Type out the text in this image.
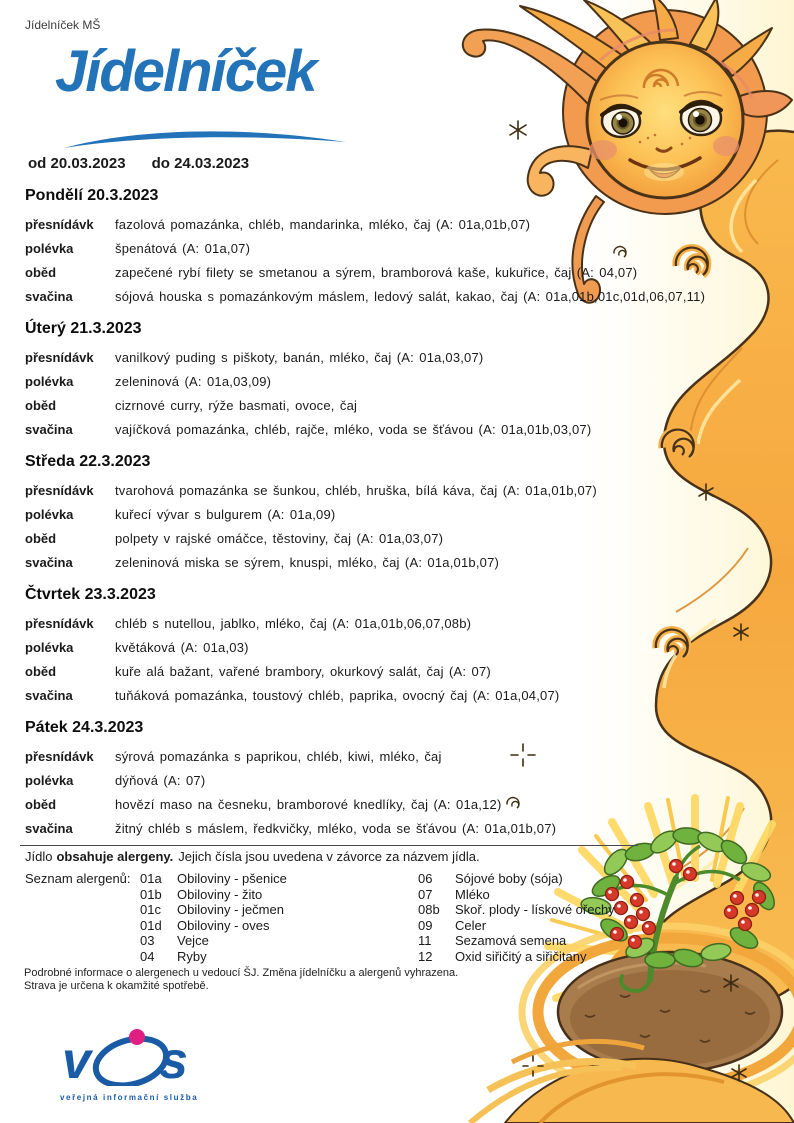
Jídelníček MŠ
Jídelníček
od 20.03.2023 do 24.03.2023
Pondělí 20.3.2023
přesnídávk	fazolová pomazánka, chléb, mandarinka, mléko, čaj (A: 01a,01b,07)
polévka	špenátová (A: 01a,07)
oběd	zapečené rybí filety se smetanou a sýrem, bramborová kaše, kukuřice, čaj (A: 04,07)
svačina	sójová houska s pomazánkovým máslem, ledový salát, kakao, čaj (A: 01a,01b,01c,01d,06,07,11)
Úterý 21.3.2023
přesnídávk	vanilkový puding s piškoty, banán, mléko, čaj (A: 01a,03,07)
polévka	zeleninová (A: 01a,03,09)
oběd	cizrnové curry, rýže basmati, ovoce, čaj
svačina	vajíčková pomazánka, chléb, rajče, mléko, voda se šťávou (A: 01a,01b,03,07)
Středa 22.3.2023
přesnídávk	tvarohová pomazánka se šunkou, chléb, hruška, bílá káva, čaj (A: 01a,01b,07)
polévka	kuřecí vývar s bulgurem (A: 01a,09)
oběd	polpety v rajské omáčce, těstoviny, čaj (A: 01a,03,07)
svačina	zeleninová miska se sýrem, knuspi, mléko, čaj (A: 01a,01b,07)
Čtvrtek 23.3.2023
přesnídávk	chléb s nutellou, jablko, mléko, čaj (A: 01a,01b,06,07,08b)
polévka	květáková (A: 01a,03)
oběd	kuře alá bažant, vařené brambory, okurkový salát, čaj (A: 07)
svačina	tuňáková pomazánka, toustový chléb, paprika, ovocný čaj (A: 01a,04,07)
Pátek 24.3.2023
přesnídávk	sýrová pomazánka s paprikou, chléb, kiwi, mléko, čaj
polévka	dýňová (A: 07)
oběd	hovězí maso na česneku, bramborové knedlíky, čaj (A: 01a,12)
svačina	žitný chléb s máslem, ředkvičky, mléko, voda se šťávou (A: 01a,01b,07)
Jídlo obsahuje alergeny. Jejich čísla jsou uvedena v závorce za názvem jídla.
Seznam alergenů: 01a	Obiloviny - pšenice
01b	Obiloviny - žito
01c	Obiloviny - ječmen
01d	Obiloviny - oves
03	Vejce
04	Ryby
06	Sójové boby (sója)
07	Mléko
08b	Skoř. plody - lískové ořechy
09	Celer
11	Sezamová semena
12	Oxid siřičitý a siřičitany
Podrobné informace o alergenech u vedoucí ŠJ. Změna jídelníčku a alergenů vyhrazena.
Strava je určena k okamžité spotřebě.
v s
veřejná informační služba
